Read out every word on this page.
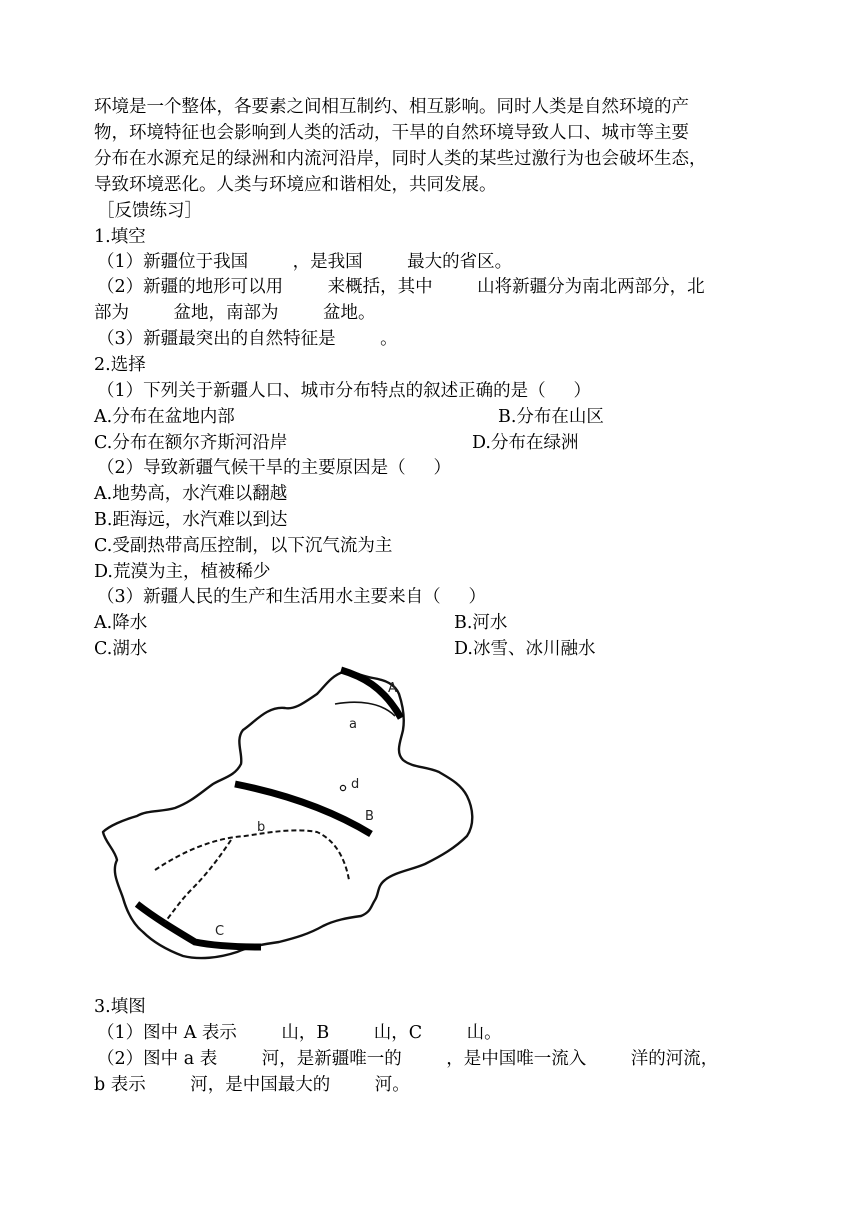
环境是一个整体，各要素之间相互制约、相互影响。同时人类是自然环境的产
物，环境特征也会影响到人类的活动，干旱的自然环境导致人口、城市等主要
分布在水源充足的绿洲和内流河沿岸，同时人类的某些过激行为也会破坏生态，
导致环境恶化。人类与环境应和谐相处，共同发展。
［反馈练习］
1.填空
（1）新疆位于我国        ，是我国        最大的省区。
（2）新疆的地形可以用        来概括，其中        山将新疆分为南北两部分，北
部为        盆地，南部为        盆地。
（3）新疆最突出的自然特征是        。
2.选择
（1）下列关于新疆人口、城市分布特点的叙述正确的是（     ）
A.分布在盆地内部	B.分布在山区
C.分布在额尔齐斯河沿岸	D.分布在绿洲
（2）导致新疆气候干旱的主要原因是（     ）
A.地势高，水汽难以翻越
B.距海远，水汽难以到达
C.受副热带高压控制，以下沉气流为主
D.荒漠为主，植被稀少
（3）新疆人民的生产和生活用水主要来自（     ）
A.降水	B.河水
C.湖水	D.冰雪、冰川融水
A
a
d
B
b
C
3.填图
（1）图中 A 表示        山，B        山，C        山。
（2）图中 a 表        河，是新疆唯一的        ，是中国唯一流入        洋的河流，
b 表示        河，是中国最大的        河。
